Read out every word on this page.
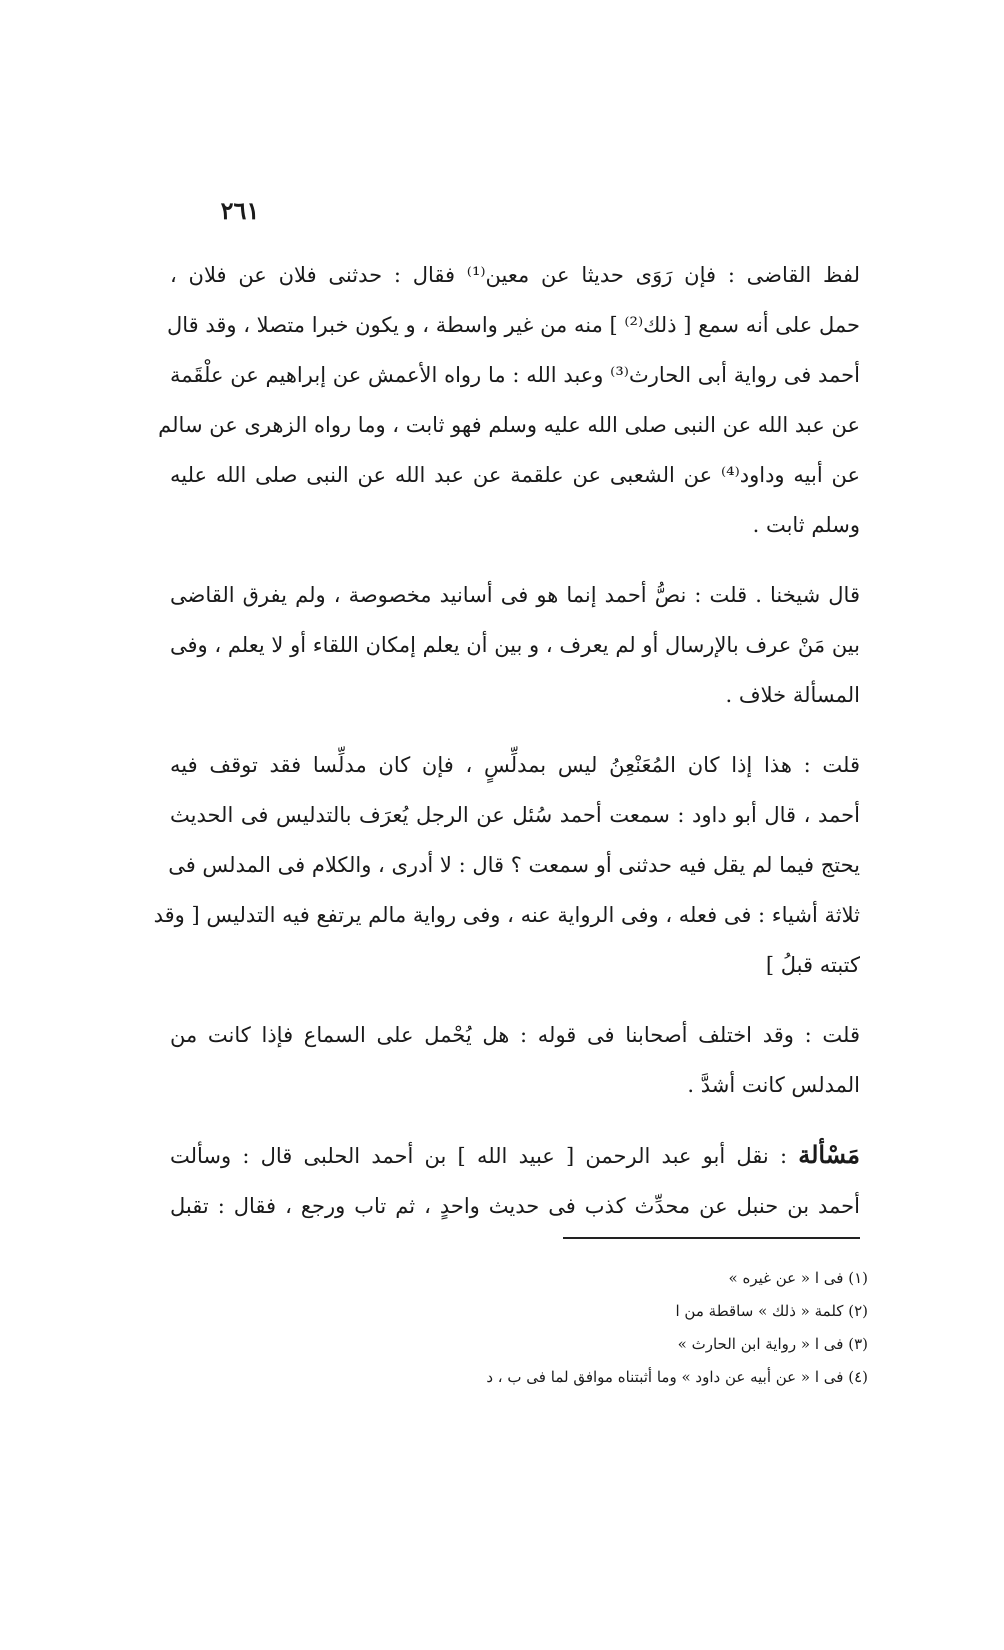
٢٦١

لفظ القاضى : فإن رَوَى حديثا عن معين⁽¹⁾ فقال : حدثنى فلان عن فلان ،
حمل على أنه سمع [ ذلك⁽²⁾ ] منه من غير واسطة ، و يكون خبرا متصلا ، وقد قال
أحمد فى رواية أبى الحارث⁽³⁾ وعبد الله : ما رواه الأعمش عن إبراهيم عن علْقَمة
عن عبد الله عن النبى صلى الله عليه وسلم فهو ثابت ، وما رواه الزهرى عن سالم
عن أبيه وداود⁽⁴⁾ عن الشعبى عن علقمة عن عبد الله عن النبى صلى الله عليه
وسلم ثابت .

قال شيخنا . قلت : نصُّ أحمد إنما هو فى أسانيد مخصوصة ، ولم يفرق القاضى
بين مَنْ عرف بالإرسال أو لم يعرف ، و بين أن يعلم إمكان اللقاء أو لا يعلم ، وفى
المسألة خلاف .

قلت : هذا إذا كان المُعَنْعِنُ ليس بمدلِّسٍ ، فإن كان مدلِّسا فقد توقف فيه
أحمد ، قال أبو داود : سمعت أحمد سُئل عن الرجل يُعرَف بالتدليس فى الحديث
يحتج فيما لم يقل فيه حدثنى أو سمعت ؟ قال : لا أدرى ، والكلام فى المدلس فى
ثلاثة أشياء : فى فعله ، وفى الرواية عنه ، وفى رواية مالم يرتفع فيه التدليس [ وقد
كتبته قبلُ ]

قلت : وقد اختلف أصحابنا فى قوله : هل يُحْمل على السماع فإذا كانت من
المدلس كانت أشدَّ .

مَسْألة : نقل أبو عبد الرحمن [ عبيد الله ] بن أحمد الحلبى قال : وسألت
أحمد بن حنبل عن محدِّث كذب فى حديث واحدٍ ، ثم تاب ورجع ، فقال : تقبل

(١) فى ا « عن غيره »
(٢) كلمة « ذلك » ساقطة من ا
(٣) فى ا « رواية ابن الحارث »
(٤) فى ا « عن أبيه عن داود » وما أثبتناه موافق لما فى ب ، د
